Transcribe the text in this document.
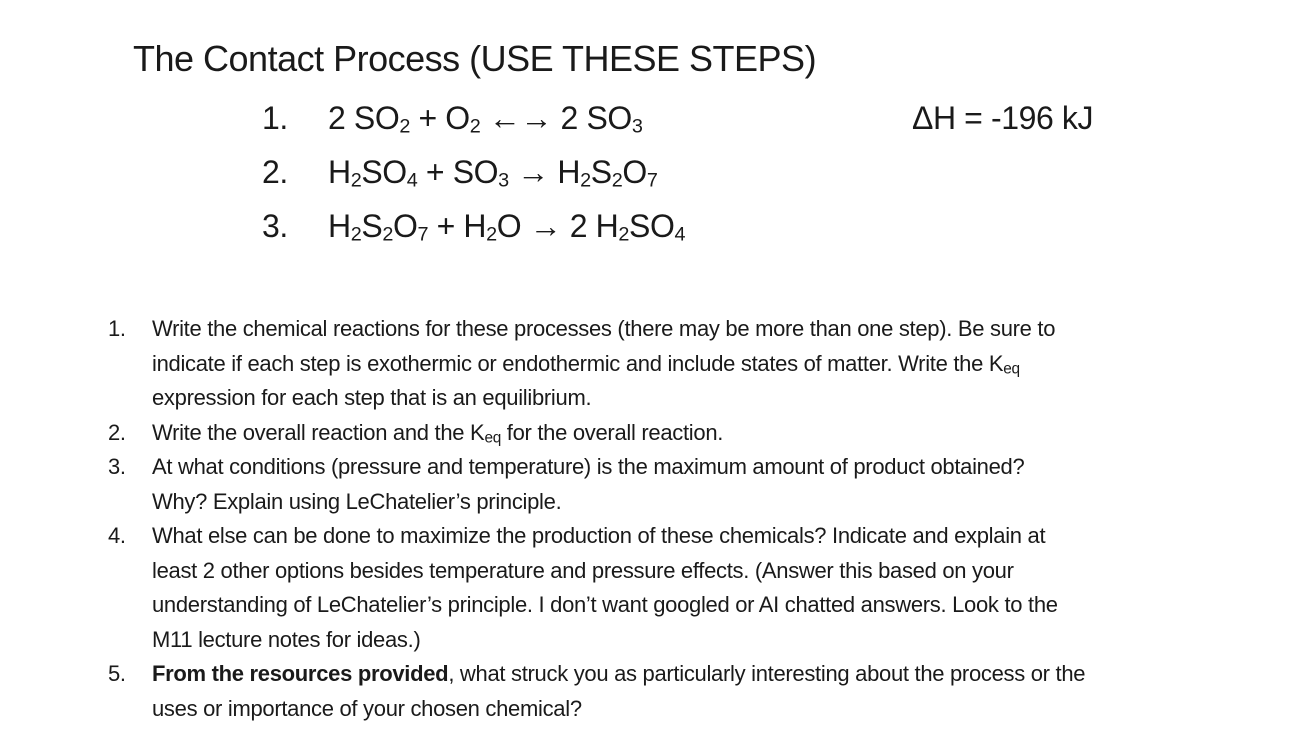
The Contact Process (USE THESE STEPS)
1.	2 $SO_2 + O_2$ ←→ 2 $SO_3$
2.	$H_2SO_4 + SO_3 \to H_2S_2O_7$
3.	$H_2S_2O_7 + H_2O \to 2$ $H_2SO_4$
ΔH = -196 kJ
1.	Write the chemical reactions for these processes (there may be more than one step). Be sure to
indicate if each step is exothermic or endothermic and include states of matter. Write the $K_{eq}$
expression for each step that is an equilibrium.
2.	Write the overall reaction and the $K_{eq}$ for the overall reaction.
3.	At what conditions (pressure and temperature) is the maximum amount of product obtained?
Why? Explain using LeChatelier’s principle.
4.	What else can be done to maximize the production of these chemicals? Indicate and explain at
least 2 other options besides temperature and pressure effects. (Answer this based on your
understanding of LeChatelier’s principle. I don’t want googled or AI chatted answers. Look to the
M11 lecture notes for ideas.)
5.	From the resources provided, what struck you as particularly interesting about the process or the
uses or importance of your chosen chemical?
